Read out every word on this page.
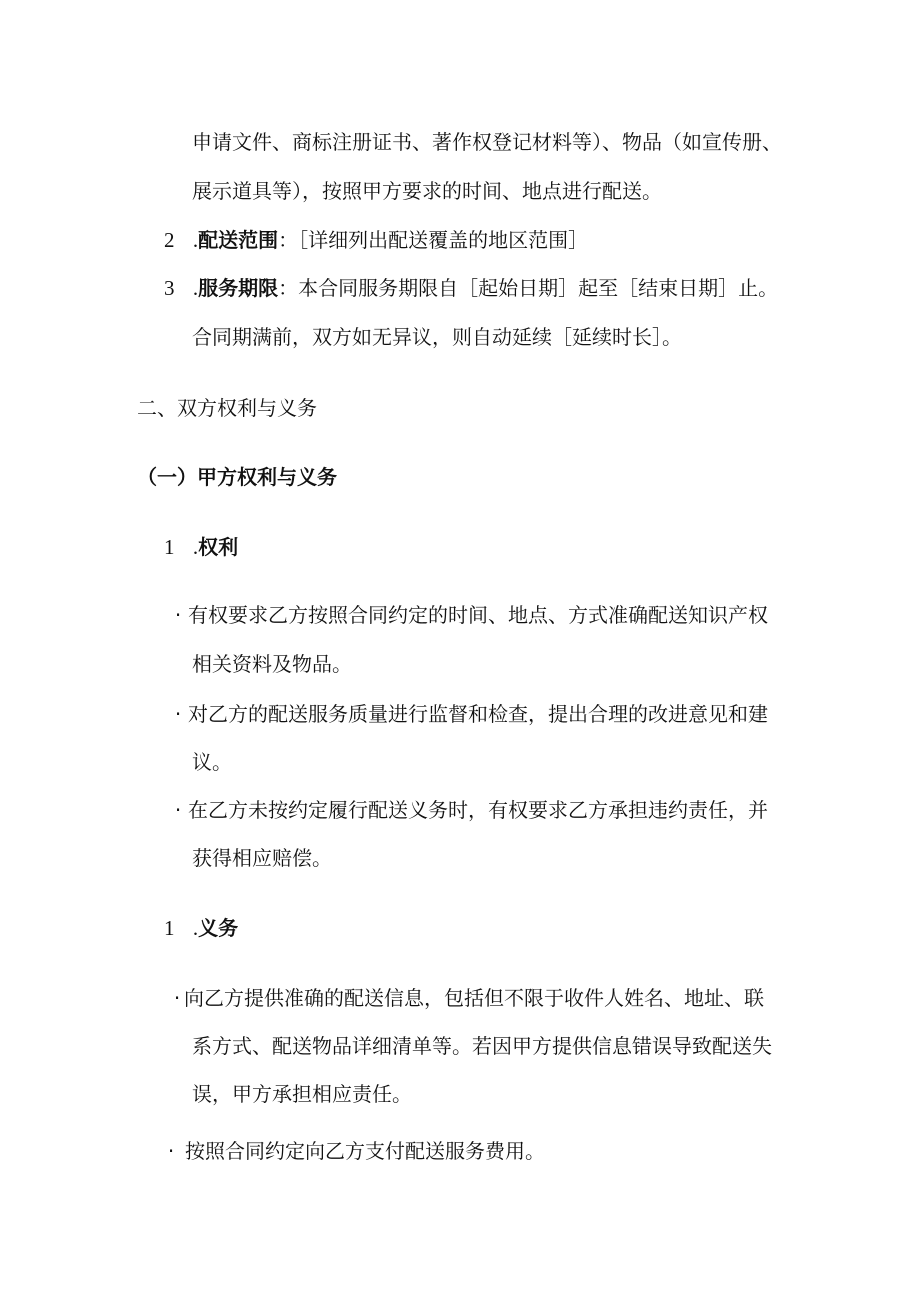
申请文件、商标注册证书、著作权登记材料等）、物品（如宣传册、
展示道具等），按照甲方要求的时间、地点进行配送。
2 .配送范围：［详细列出配送覆盖的地区范围］
3 .服务期限：本合同服务期限自［起始日期］起至［结束日期］止。
合同期满前，双方如无异议，则自动延续［延续时长］。
二、双方权利与义务
（一）甲方权利与义务
1 .权利
· 有权要求乙方按照合同约定的时间、地点、方式准确配送知识产权
相关资料及物品。
· 对乙方的配送服务质量进行监督和检查，提出合理的改进意见和建
议。
· 在乙方未按约定履行配送义务时，有权要求乙方承担违约责任，并
获得相应赔偿。
1 .义务
· 向乙方提供准确的配送信息，包括但不限于收件人姓名、地址、联
系方式、配送物品详细清单等。若因甲方提供信息错误导致配送失
误，甲方承担相应责任。
· 按照合同约定向乙方支付配送服务费用。
